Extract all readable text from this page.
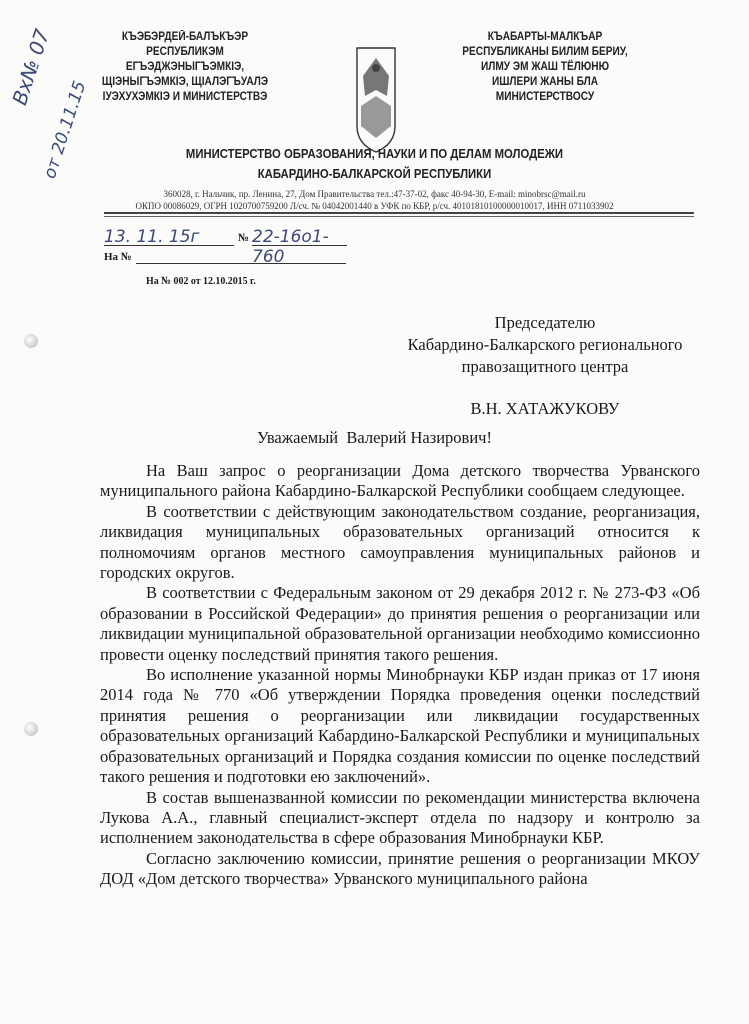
Вх№ 07
от 20.11.15
КЪЭБЭРДЕЙ-БАЛЪКЪЭР
РЕСПУБЛИКЭМ
ЕГЪЭДЖЭНЫГЪЭМКIЭ,
ЩIЭНЫГЪЭМКIЭ, ЩIАЛЭГЪУАЛЭ
IУЭХУХЭМКIЭ И МИНИСТЕРСТВЭ
КЪАБАРТЫ-МАЛКЪАР
РЕСПУБЛИКАНЫ БИЛИМ БЕРИУ,
ИЛМУ ЭМ ЖАШ ТЁЛЮНЮ
ИШЛЕРИ ЖАНЫ БЛА
МИНИСТЕРСТВОСУ
МИНИСТЕРСТВО ОБРАЗОВАНИЯ, НАУКИ И ПО ДЕЛАМ МОЛОДЕЖИ
КАБАРДИНО-БАЛКАРСКОЙ РЕСПУБЛИКИ
360028, г. Нальчик, пр. Ленина, 27, Дом Правительства тел.:47-37-02, факс 40-94-30, E-mail: minobrsc@mail.ru
ОКПО 00086029, ОГРН 1020700759200 Л/сч. № 04042001440 в УФК по КБР, р/сч. 40101810100000010017, ИНН 0711033902
13. 11. 15г	№ 22-16о1-760
На №
На № 002 от 12.10.2015 г.
Председателю
Кабардино-Балкарского регионального
правозащитного центра
В.Н. ХАТАЖУКОВУ
Уважаемый  Валерий Назирович!

На Ваш запрос о реорганизации Дома детского творчества Урванского муниципального района Кабардино-Балкарской Республики сообщаем следующее.

В соответствии с действующим законодательством создание, реорганизация, ликвидация муниципальных образовательных организаций относится к полномочиям органов местного самоуправления муниципальных районов и городских округов.

В соответствии с Федеральным законом от 29 декабря 2012 г. № 273-ФЗ «Об образовании в Российской Федерации» до принятия решения о реорганизации или ликвидации муниципальной образовательной организации необходимо комиссионно провести оценку последствий принятия такого решения.

Во исполнение указанной нормы Минобрнауки КБР издан приказ от 17 июня 2014 года № 770 «Об утверждении Порядка проведения оценки последствий принятия решения о реорганизации или ликвидации государственных образовательных организаций Кабардино-Балкарской Республики и муниципальных образовательных организаций и Порядка создания комиссии по оценке последствий такого решения и подготовки ею заключений».

В состав вышеназванной комиссии по рекомендации министерства включена Лукова А.А., главный специалист-эксперт отдела по надзору и контролю за исполнением законодательства в сфере образования Минобрнауки КБР.

Согласно заключению комиссии, принятие решения о реорганизации МКОУ ДОД «Дом детского творчества» Урванского муниципального района
